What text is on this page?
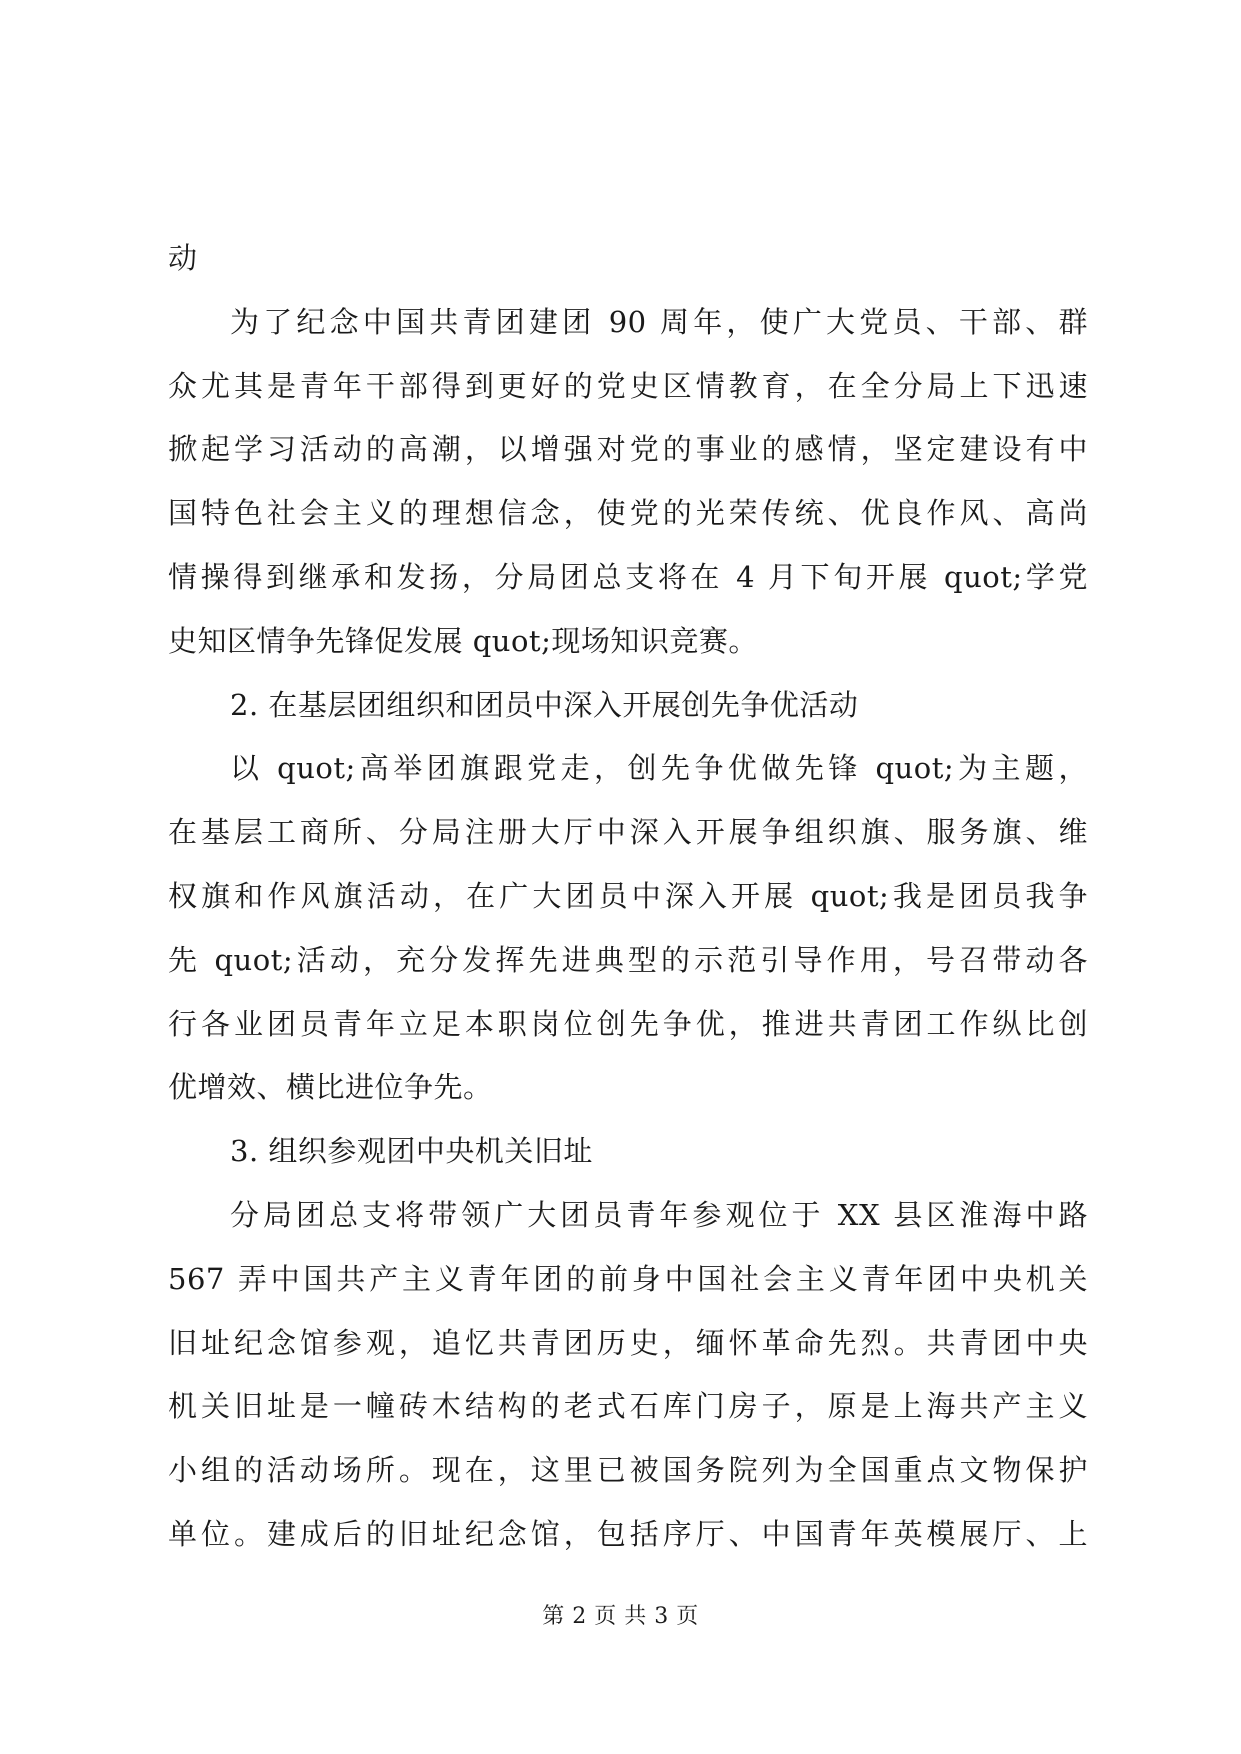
动
为了纪念中国共青团建团 90 周年，使广大党员、干部、群
众尤其是青年干部得到更好的党史区情教育，在全分局上下迅速
掀起学习活动的高潮，以增强对党的事业的感情，坚定建设有中
国特色社会主义的理想信念，使党的光荣传统、优良作风、高尚
情操得到继承和发扬，分局团总支将在 4 月下旬开展 quot;学党
史知区情争先锋促发展 quot;现场知识竞赛。
2. 在基层团组织和团员中深入开展创先争优活动
以 quot;高举团旗跟党走，创先争优做先锋 quot;为主题，
在基层工商所、分局注册大厅中深入开展争组织旗、服务旗、维
权旗和作风旗活动，在广大团员中深入开展 quot;我是团员我争
先 quot;活动，充分发挥先进典型的示范引导作用，号召带动各
行各业团员青年立足本职岗位创先争优，推进共青团工作纵比创
优增效、横比进位争先。
3. 组织参观团中央机关旧址
分局团总支将带领广大团员青年参观位于 XX 县区淮海中路
567 弄中国共产主义青年团的前身中国社会主义青年团中央机关
旧址纪念馆参观，追忆共青团历史，缅怀革命先烈。共青团中央
机关旧址是一幢砖木结构的老式石库门房子，原是上海共产主义
小组的活动场所。现在，这里已被国务院列为全国重点文物保护
单位。建成后的旧址纪念馆，包括序厅、中国青年英模展厅、上
第 2 页 共 3 页
